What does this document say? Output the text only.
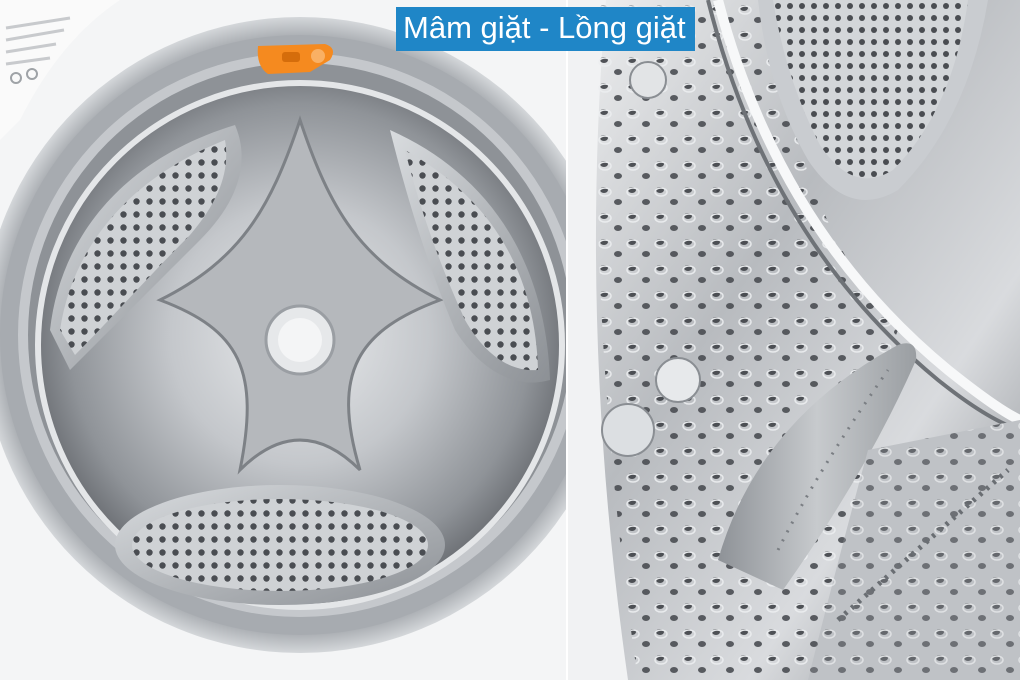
Mâm giặt - Lồng giặt
